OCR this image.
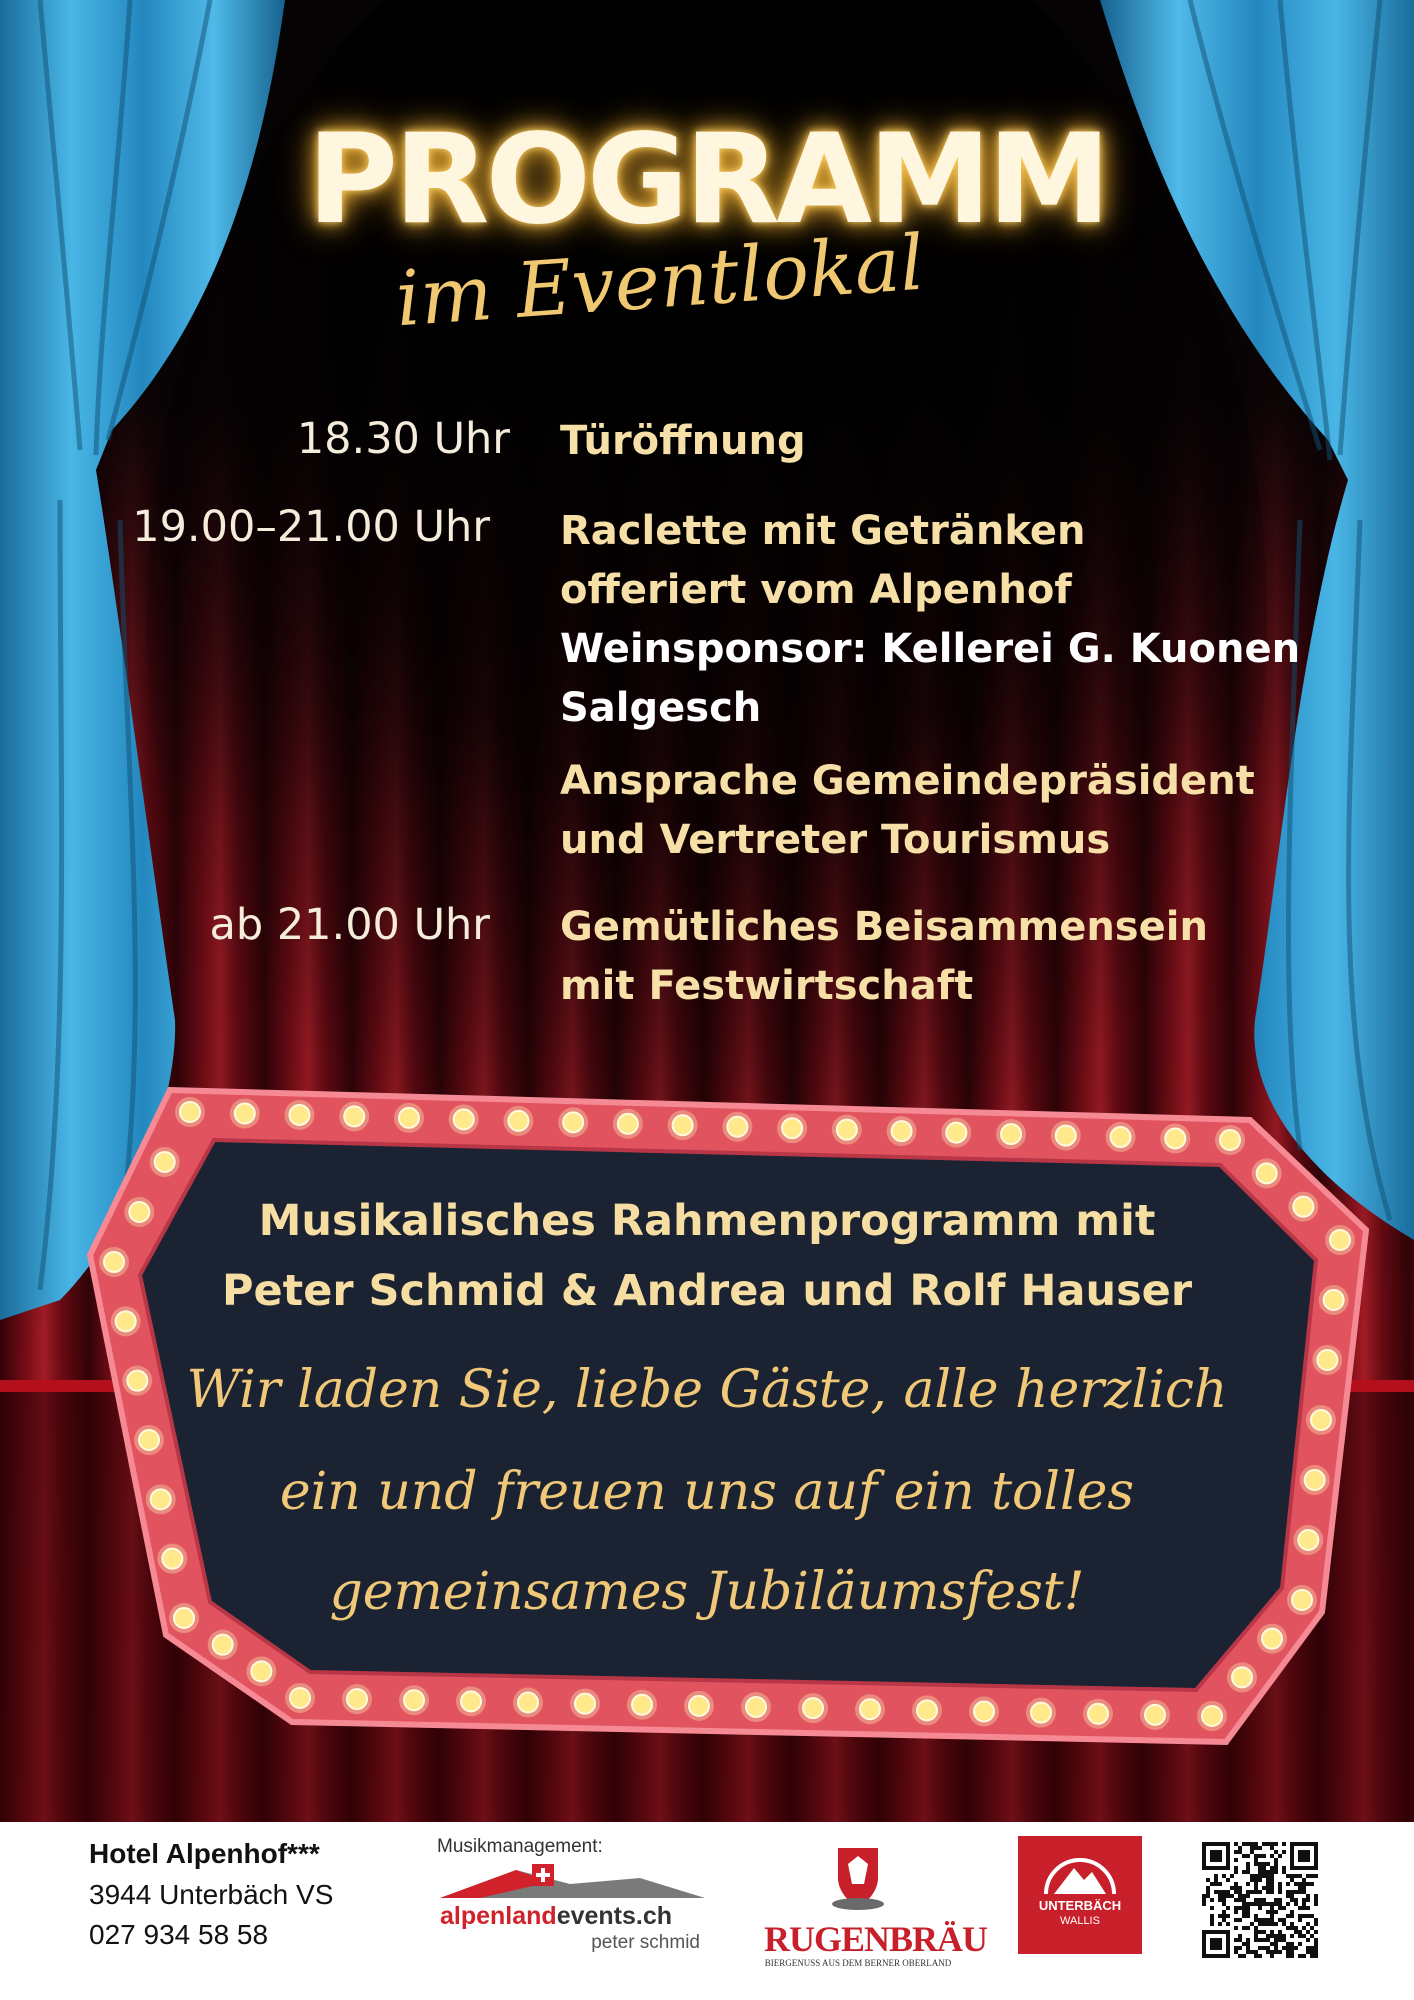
PROGRAMM
im Eventlokal
18.30 Uhr Türöffnung
19.00–21.00 Uhr Raclette mit Getränken
offeriert vom Alpenhof
Weinsponsor: Kellerei G. Kuonen
Salgesch
Ansprache Gemeindepräsident
und Vertreter Tourismus
ab 21.00 Uhr Gemütliches Beisammensein
mit Festwirtschaft
Musikalisches Rahmenprogramm mit
Peter Schmid & Andrea und Rolf Hauser
Wir laden Sie, liebe Gäste, alle herzlich
ein und freuen uns auf ein tolles
gemeinsames Jubiläumsfest!
Hotel Alpenhof***
3944 Unterbäch VS
027 934 58 58
Musikmanagement:
alpenlandevents.ch
peter schmid RUGENBRÄU
BIERGENUSS AUS DEM BERNER OBERLAND
UNTERBÄCH
WALLIS
